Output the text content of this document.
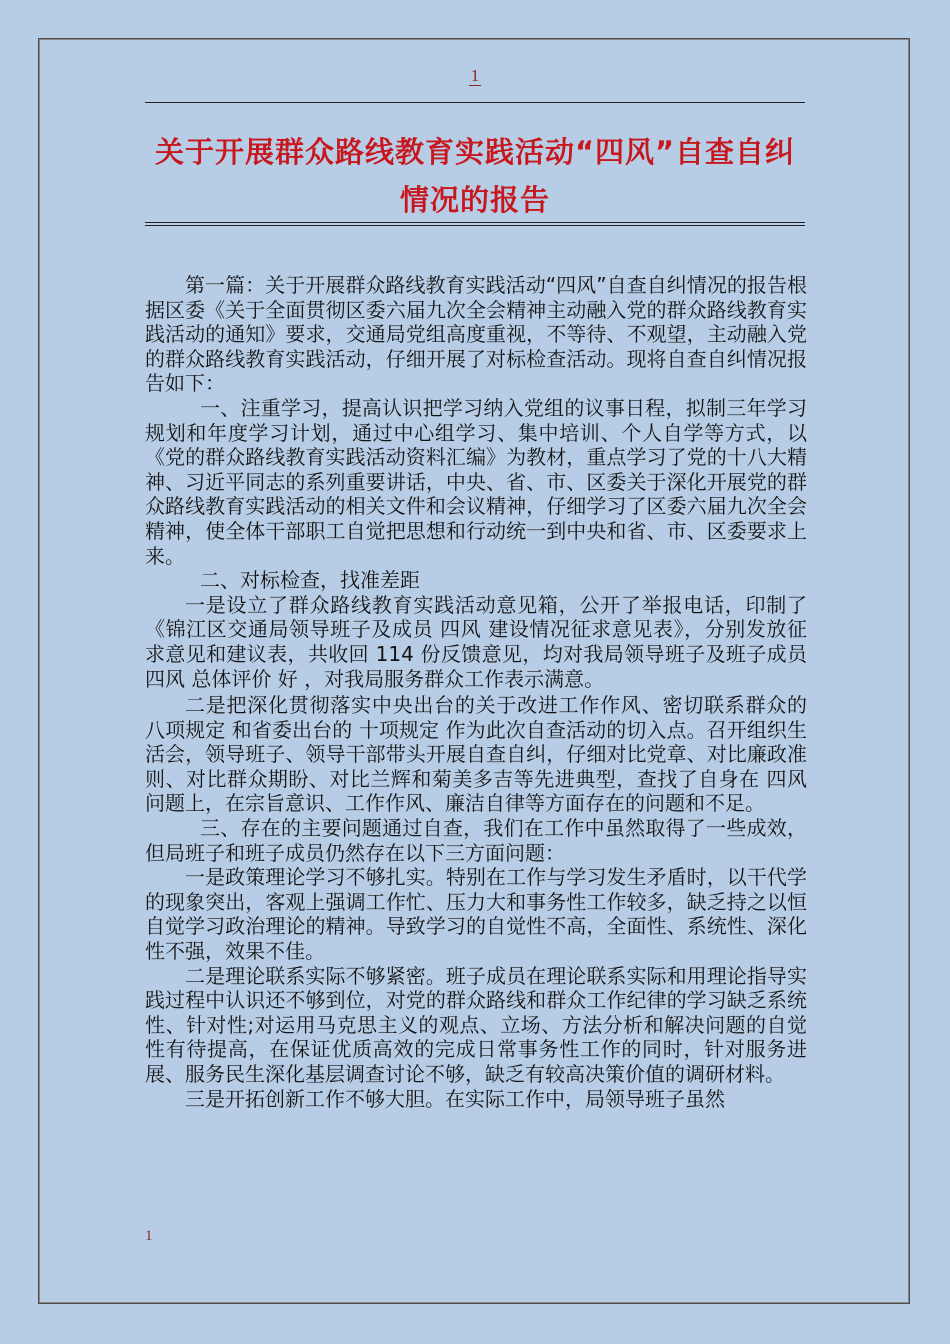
1
关于开展群众路线教育实践活动“四风”自查自纠情况的报告

第一篇：关于开展群众路线教育实践活动“四风”自查自纠情况的报告根据区委《关于全面贯彻区委六届九次全会精神主动融入党的群众路线教育实践活动的通知》要求，交通局党组高度重视，不等待、不观望，主动融入党的群众路线教育实践活动，仔细开展了对标检查活动。现将自查自纠情况报告如下：

一、注重学习，提高认识把学习纳入党组的议事日程，拟制三年学习规划和年度学习计划，通过中心组学习、集中培训、个人自学等方式，以《党的群众路线教育实践活动资料汇编》为教材，重点学习了党的十八大精神、习近平同志的系列重要讲话，中央、省、市、区委关于深化开展党的群众路线教育实践活动的相关文件和会议精神，仔细学习了区委六届九次全会精神，使全体干部职工自觉把思想和行动统一到中央和省、市、区委要求上来。

二、对标检查，找准差距

一是设立了群众路线教育实践活动意见箱，公开了举报电话，印制了《锦江区交通局领导班子及成员 四风 建设情况征求意见表》，分别发放征求意见和建议表，共收回 114 份反馈意见，均对我局领导班子及班子成员 四风 总体评价 好 ，对我局服务群众工作表示满意。

二是把深化贯彻落实中央出台的关于改进工作作风、密切联系群众的 八项规定 和省委出台的 十项规定 作为此次自查活动的切入点。召开组织生活会，领导班子、领导干部带头开展自查自纠，仔细对比党章、对比廉政准则、对比群众期盼、对比兰辉和菊美多吉等先进典型，查找了自身在 四风 问题上，在宗旨意识、工作作风、廉洁自律等方面存在的问题和不足。

三、存在的主要问题通过自查，我们在工作中虽然取得了一些成效，但局班子和班子成员仍然存在以下三方面问题：

一是政策理论学习不够扎实。特别在工作与学习发生矛盾时，以干代学的现象突出，客观上强调工作忙、压力大和事务性工作较多，缺乏持之以恒自觉学习政治理论的精神。导致学习的自觉性不高，全面性、系统性、深化性不强，效果不佳。

二是理论联系实际不够紧密。班子成员在理论联系实际和用理论指导实践过程中认识还不够到位，对党的群众路线和群众工作纪律的学习缺乏系统性、针对性;对运用马克思主义的观点、立场、方法分析和解决问题的自觉性有待提高，在保证优质高效的完成日常事务性工作的同时，针对服务进展、服务民生深化基层调查讨论不够，缺乏有较高决策价值的调研材料。

三是开拓创新工作不够大胆。在实际工作中，局领导班子虽然

1
